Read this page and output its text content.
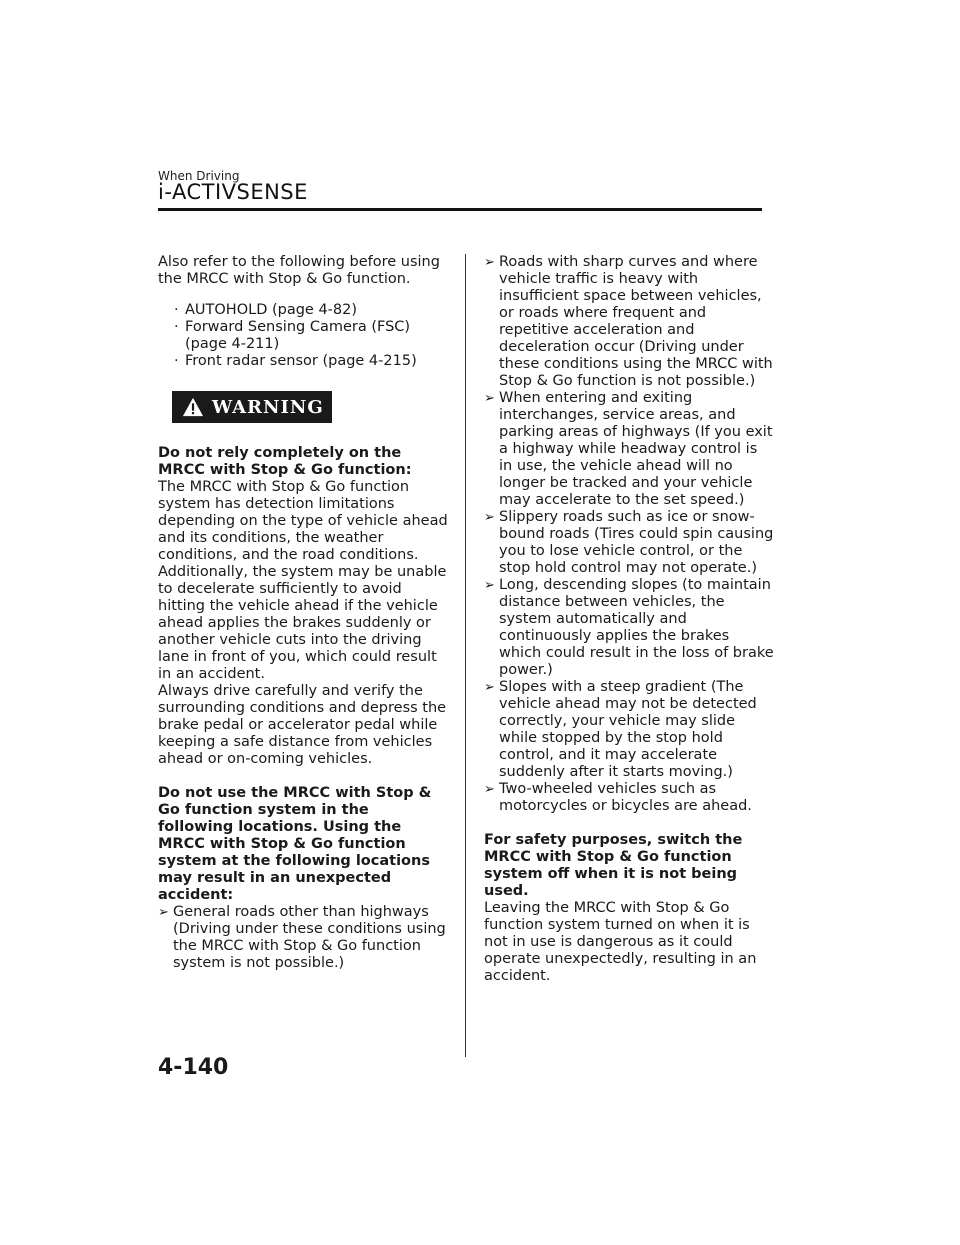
When Driving
i-ACTIVSENSE

Also refer to the following before using the MRCC with Stop & Go function.

· AUTOHOLD (page 4-82)
· Forward Sensing Camera (FSC) (page 4-211)
· Front radar sensor (page 4-215)
WARNING

Do not rely completely on the MRCC with Stop & Go function:

The MRCC with Stop & Go function system has detection limitations depending on the type of vehicle ahead and its conditions, the weather conditions, and the road conditions. Additionally, the system may be unable to decelerate sufficiently to avoid hitting the vehicle ahead if the vehicle ahead applies the brakes suddenly or another vehicle cuts into the driving lane in front of you, which could result in an accident.

Always drive carefully and verify the surrounding conditions and depress the brake pedal or accelerator pedal while keeping a safe distance from vehicles ahead or on-coming vehicles.

Do not use the MRCC with Stop & Go function system in the following locations. Using the MRCC with Stop & Go function system at the following locations may result in an unexpected accident:

➢ General roads other than highways (Driving under these conditions using the MRCC with Stop & Go function system is not possible.)
➢ Roads with sharp curves and where vehicle traffic is heavy with insufficient space between vehicles, or roads where frequent and repetitive acceleration and deceleration occur (Driving under these conditions using the MRCC with Stop & Go function is not possible.)
➢ When entering and exiting interchanges, service areas, and parking areas of highways (If you exit a highway while headway control is in use, the vehicle ahead will no longer be tracked and your vehicle may accelerate to the set speed.)
➢ Slippery roads such as ice or snow-bound roads (Tires could spin causing you to lose vehicle control, or the stop hold control may not operate.)
➢ Long, descending slopes (to maintain distance between vehicles, the system automatically and continuously applies the brakes which could result in the loss of brake power.)
➢ Slopes with a steep gradient (The vehicle ahead may not be detected correctly, your vehicle may slide while stopped by the stop hold control, and it may accelerate suddenly after it starts moving.)
➢ Two-wheeled vehicles such as motorcycles or bicycles are ahead.

For safety purposes, switch the MRCC with Stop & Go function system off when it is not being used.

Leaving the MRCC with Stop & Go function system turned on when it is not in use is dangerous as it could operate unexpectedly, resulting in an accident.

4-140
